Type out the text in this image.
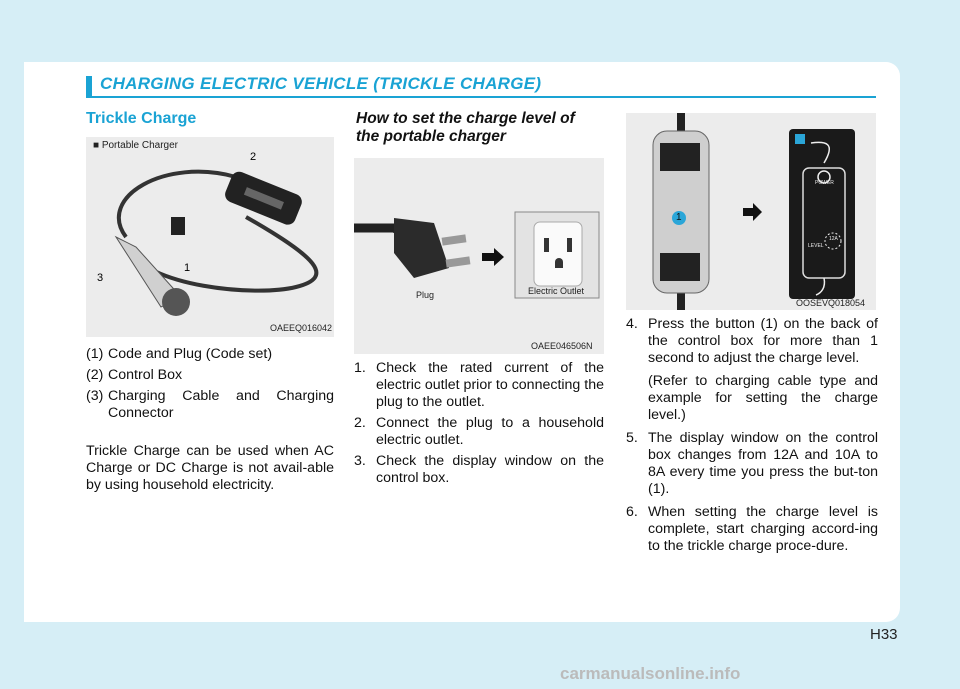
CHARGING ELECTRIC VEHICLE (TRICKLE CHARGE)
Trickle Charge
■ Portable Charger
2
1
3
OAEEQ016042
(1) Code and Plug (Code set)
(2) Control Box
(3) Charging Cable and Charging Connector
Trickle Charge can be used when AC Charge or DC Charge is not avail-able by using household electricity.
How to set the charge level of the portable charger
Plug	Electric Outlet
OAEE046506N
1. Check the rated current of the electric outlet prior to connecting the plug to the outlet.
2. Connect the plug to a household electric outlet.
3. Check the display window on the control box.
1
POWER
LEVEL
12A
OOSEVQ018054
4. Press the button (1) on the back of the control box for more than 1 second to adjust the charge level.
(Refer to charging cable type and example for setting the charge level.)
5. The display window on the control box changes from 12A and 10A to 8A every time you press the but-ton (1).
6. When setting the charge level is complete, start charging accord-ing to the trickle charge proce-dure.
H33
carmanualsonline.info
